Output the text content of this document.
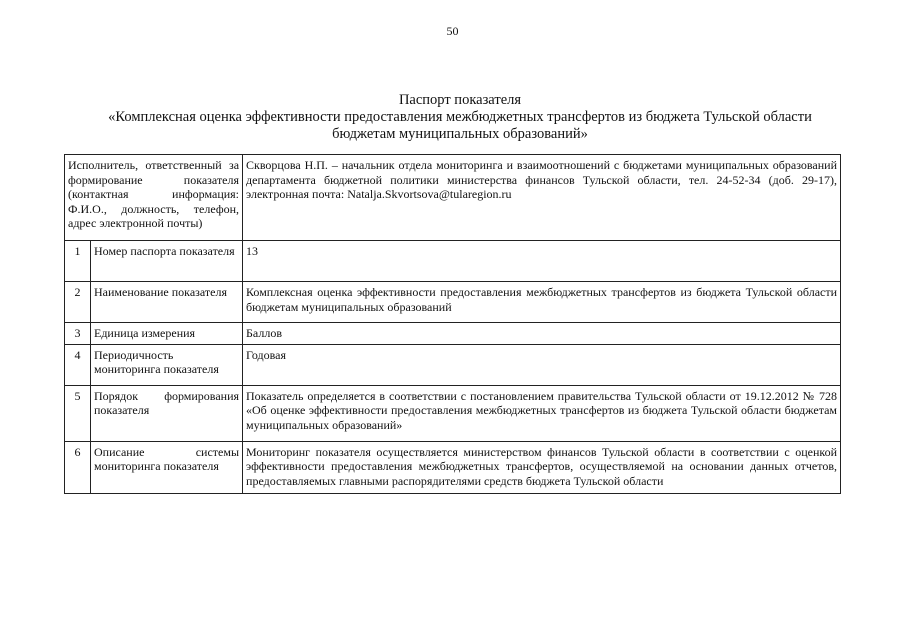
50
Паспорт показателя
«Комплексная оценка эффективности предоставления межбюджетных трансфертов из бюджета Тульской области
бюджетам муниципальных образований»
Исполнитель, ответственный за формирование показателя (контактная информация: Ф.И.О., должность, телефон, адрес электронной почты)		Скворцова Н.П. – начальник отдела мониторинга и взаимоотношений с бюджетами муниципальных образований департамента бюджетной политики министерства финансов Тульской области, тел. 24-52-34 (доб. 29-17), электронная почта: Natalja.Skvortsova@tularegion.ru
1	Номер паспорта показателя	13
2	Наименование показателя	Комплексная оценка эффективности предоставления межбюджетных трансфертов из бюджета Тульской области бюджетам муниципальных образований
3	Единица измерения	Баллов
4	Периодичность мониторинга показателя	Годовая
5	Порядок формирования показателя	Показатель определяется в соответствии с постановлением правительства Тульской области от 19.12.2012 № 728 «Об оценке эффективности предоставления межбюджетных трансфертов из бюджета Тульской области бюджетам муниципальных образований»
6	Описание системы мониторинга показателя	Мониторинг показателя осуществляется министерством финансов Тульской области в соответствии с оценкой эффективности предоставления межбюджетных трансфертов, осуществляемой на основании данных отчетов, предоставляемых главными распорядителями средств бюджета Тульской области
